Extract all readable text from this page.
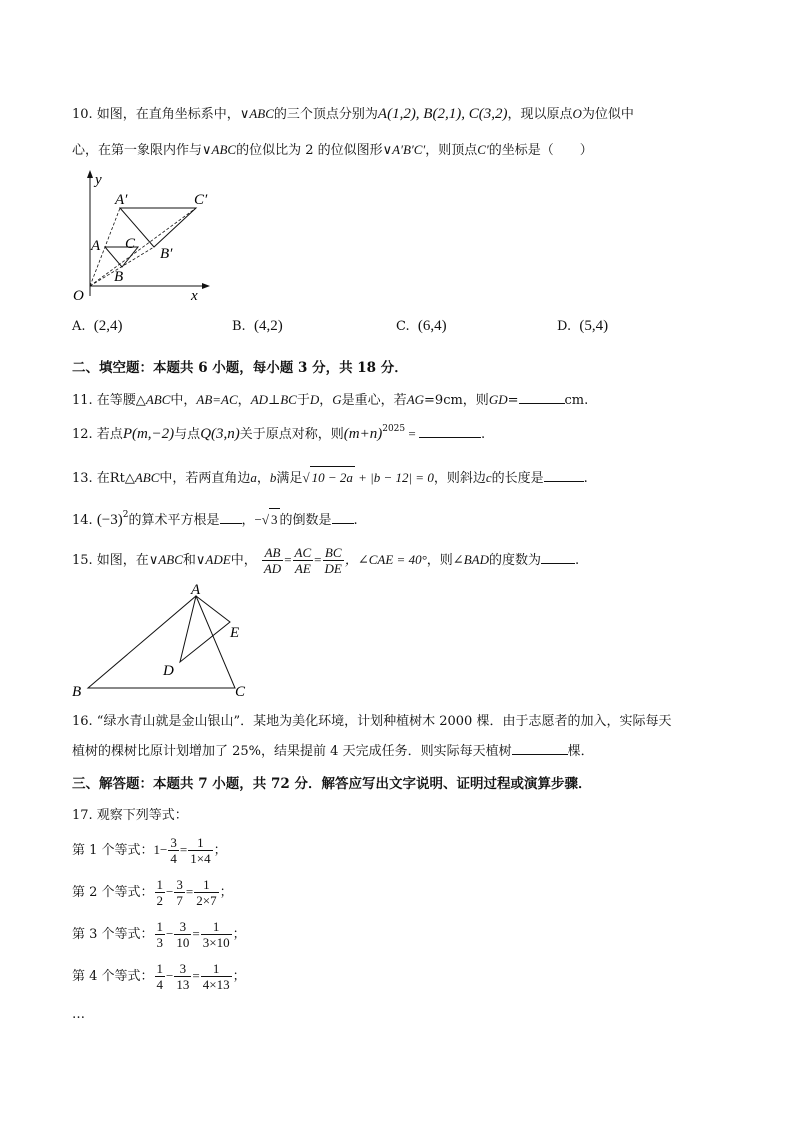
10. 如图，在直角坐标系中，∨ABC的三个顶点分别为A(1,2), B(2,1), C(3,2)，现以原点O为位似中
心，在第一象限内作与∨ABC的位似比为 2 的位似图形∨A′B′C′，则顶点C′的坐标是（　　）
y
x
O
A′	C′
B′
A C
B
A. (2,4)	B. (4,2)	C. (6,4)	D. (5,4)
二、填空题：本题共 6 小题，每小题 3 分，共 18 分．
11. 在等腰△ABC中，AB=AC，AD⊥BC于D，G是重心，若AG=9cm，则GD=	cm.
12. 若点P(m,−2)与点Q(3,n)关于原点对称，则$(m+n)^{2025}$ =	.
13. 在Rt△ABC中，若两直角边a，b满足√ 10 − 2a + |b − 12| = 0，则斜边c的长度是	.
14. $(-3)^2$的算术平方根是 ，−√ 3 的倒数是 .
15. 如图，在∨ABC和∨ADE中， $\frac{AB}{AD} = \frac{AC}{AE} = \frac{BC}{DE}$ ，∠CAE = 40°，则∠BAD的度数为	.
A
B	C
D
E
16. “绿水青山就是金山银山”．某地为美化环境，计划种植树木 2000 棵．由于志愿者的加入，实际每天
植树的棵树比原计划增加了 25%，结果提前 4 天完成任务．则实际每天植树	棵．
三、解答题：本题共 7 小题，共 72 分．解答应写出文字说明、证明过程或演算步骤．
17. 观察下列等式：
第 1 个等式：$1- \frac{3}{4} = \frac{1}{1\times 4}$ ；
第 2 个等式： $\frac{1}{2} - \frac{3}{7} = \frac{1}{2\times 7}$ ；
第 3 个等式： $\frac{1}{3} - \frac{3}{10} = \frac{1}{3\times 10}$ ；
第 4 个等式： $\frac{1}{4} - \frac{3}{13} = \frac{1}{4\times 13}$ ；
…
